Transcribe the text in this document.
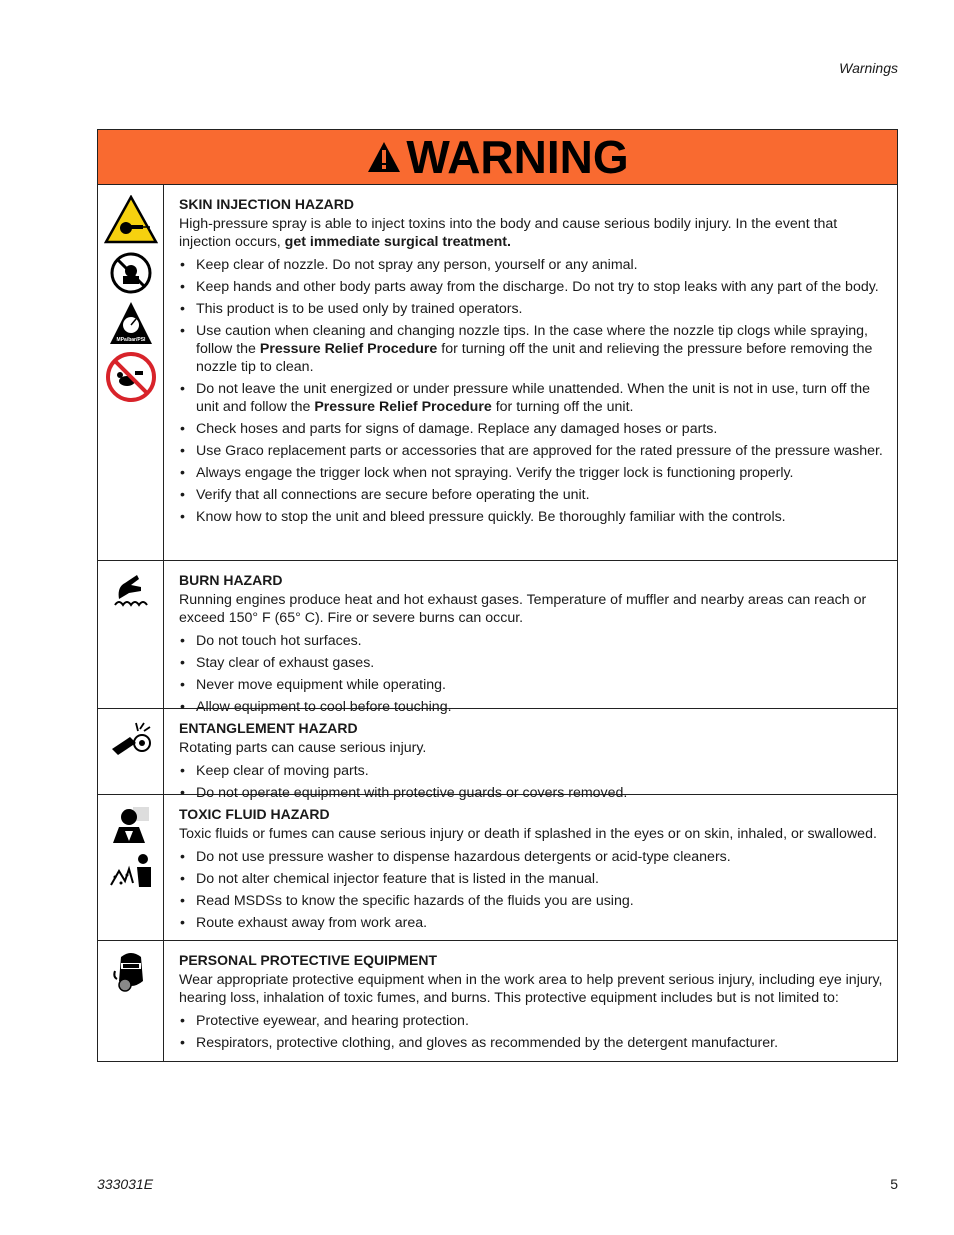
Warnings
WARNING
MPa/bar/PSI
SKIN INJECTION HAZARD
High-pressure spray is able to inject toxins into the body and cause serious bodily injury. In the event that injection occurs, get immediate surgical treatment.
• Keep clear of nozzle. Do not spray any person, yourself or any animal.
• Keep hands and other body parts away from the discharge. Do not try to stop leaks with any part of the body.
• This product is to be used only by trained operators.
• Use caution when cleaning and changing nozzle tips. In the case where the nozzle tip clogs while spraying, follow the Pressure Relief Procedure for turning off the unit and relieving the pressure before removing the nozzle tip to clean.
• Do not leave the unit energized or under pressure while unattended. When the unit is not in use, turn off the unit and follow the Pressure Relief Procedure for turning off the unit.
• Check hoses and parts for signs of damage. Replace any damaged hoses or parts.
• Use Graco replacement parts or accessories that are approved for the rated pressure of the pressure washer.
• Always engage the trigger lock when not spraying. Verify the trigger lock is functioning properly.
• Verify that all connections are secure before operating the unit.
• Know how to stop the unit and bleed pressure quickly. Be thoroughly familiar with the controls.
BURN HAZARD
Running engines produce heat and hot exhaust gases. Temperature of muffler and nearby areas can reach or exceed 150° F (65° C). Fire or severe burns can occur.
• Do not touch hot surfaces.
• Stay clear of exhaust gases.
• Never move equipment while operating.
• Allow equipment to cool before touching.
ENTANGLEMENT HAZARD
Rotating parts can cause serious injury.
• Keep clear of moving parts.
• Do not operate equipment with protective guards or covers removed.
TOXIC FLUID HAZARD
Toxic fluids or fumes can cause serious injury or death if splashed in the eyes or on skin, inhaled, or swallowed.
• Do not use pressure washer to dispense hazardous detergents or acid-type cleaners.
• Do not alter chemical injector feature that is listed in the manual.
• Read MSDSs to know the specific hazards of the fluids you are using.
• Route exhaust away from work area.
PERSONAL PROTECTIVE EQUIPMENT
Wear appropriate protective equipment when in the work area to help prevent serious injury, including eye injury, hearing loss, inhalation of toxic fumes, and burns. This protective equipment includes but is not limited to:
• Protective eyewear, and hearing protection.
• Respirators, protective clothing, and gloves as recommended by the detergent manufacturer.
333031E	5
